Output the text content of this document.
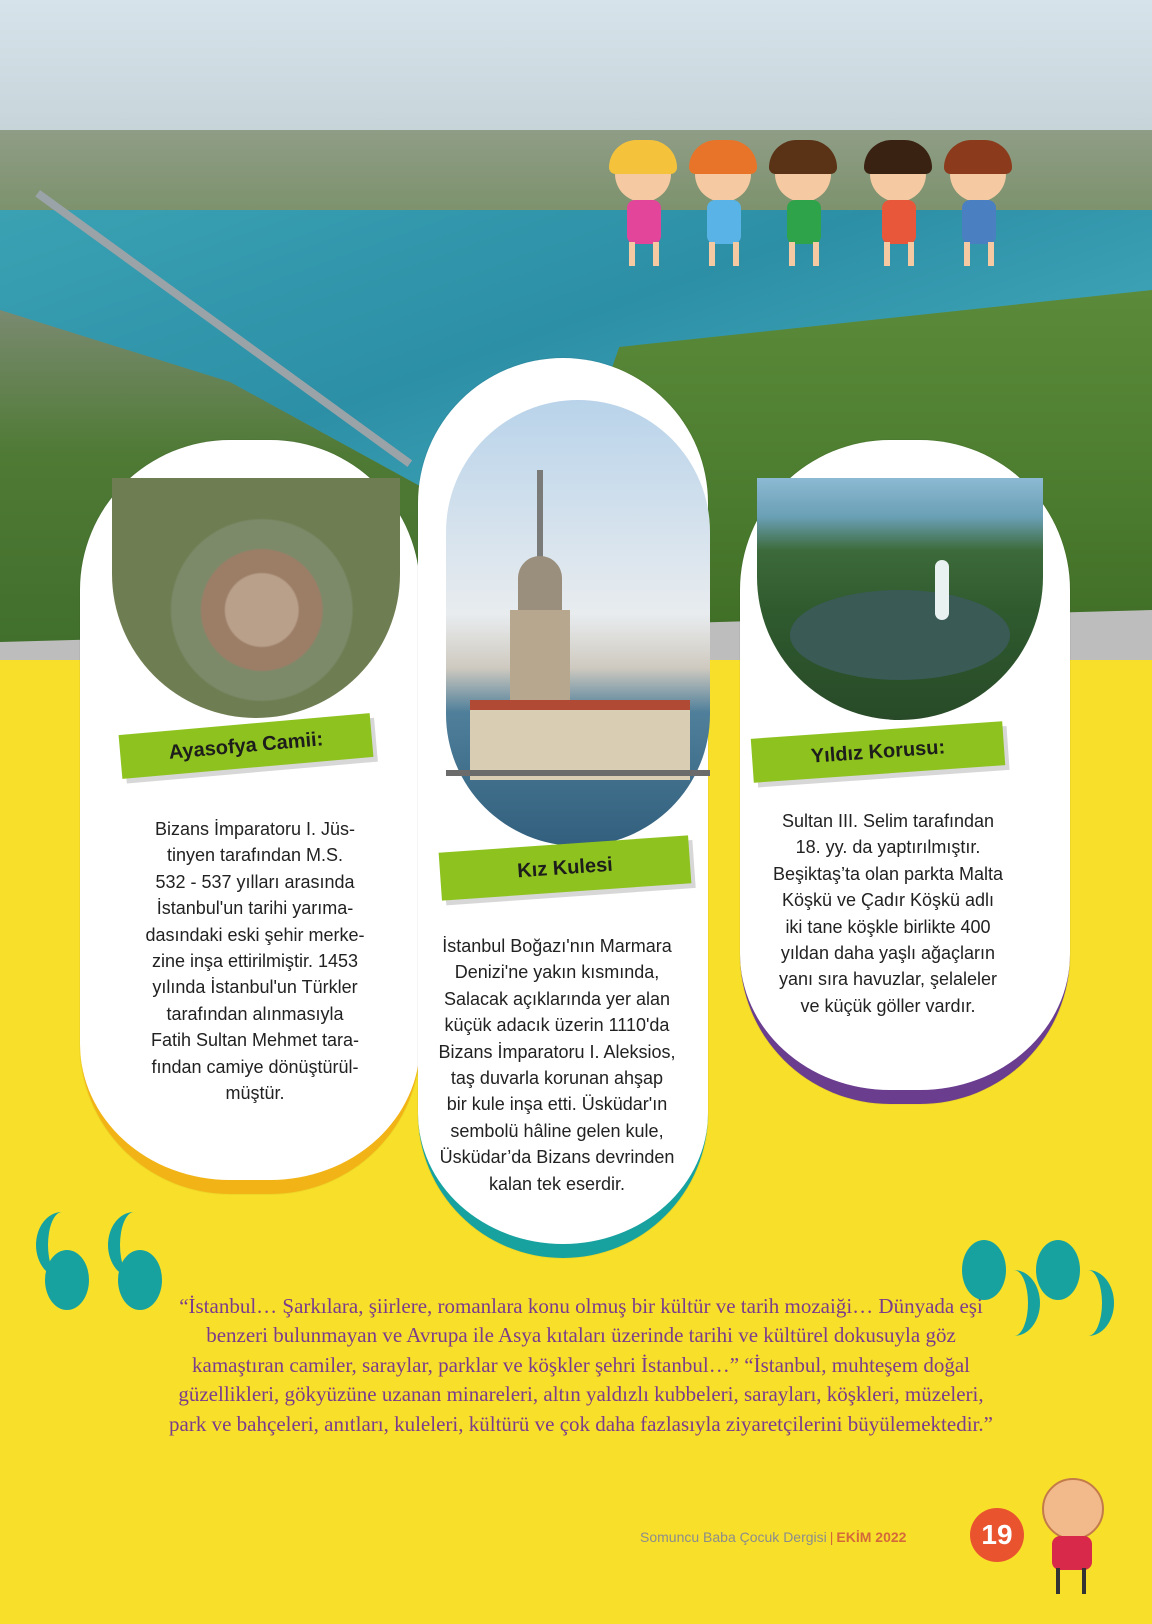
Ayasofya Camii:
Kız Kulesi
Yıldız Korusu:
Bizans İmparatoru I. Jüs-
tinyen tarafından M.S.
532 - 537 yılları arasında
İstanbul'un tarihi yarıma-
dasındaki eski şehir merke-
zine inşa ettirilmiştir. 1453
yılında İstanbul'un Türkler
tarafından alınmasıyla
Fatih Sultan Mehmet tara-
fından camiye dönüştürül-
müştür.
İstanbul Boğazı'nın Marmara
Denizi'ne yakın kısmında,
Salacak açıklarında yer alan
küçük adacık üzerin 1110'da
Bizans İmparatoru I. Aleksios,
taş duvarla korunan ahşap
bir kule inşa etti. Üsküdar'ın
sembolü hâline gelen kule,
Üsküdar’da Bizans devrinden
kalan tek eserdir.
Sultan III. Selim tarafından
18. yy. da yaptırılmıştır.
Beşiktaş’ta olan parkta Malta
Köşkü ve Çadır Köşkü adlı
iki tane köşkle birlikte 400
yıldan daha yaşlı ağaçların
yanı sıra havuzlar, şelaleler
ve küçük göller vardır.
“İstanbul… Şarkılara, şiirlere, romanlara konu olmuş bir kültür ve tarih mozaiği… Dünyada eşi benzeri bulunmayan ve Avrupa ile Asya kıtaları üzerinde tarihi ve kültürel dokusuyla göz kamaştıran camiler, saraylar, parklar ve köşkler şehri İstanbul…” “İstanbul, muhteşem doğal güzellikleri, gökyüzüne uzanan minareleri, altın yaldızlı kubbeleri, sarayları, köşkleri, müzeleri, park ve bahçeleri, anıtları, kuleleri, kültürü ve çok daha fazlasıyla ziyaretçilerini büyülemektedir.”
Somuncu Baba Çocuk Dergisi | EKİM 2022	19
